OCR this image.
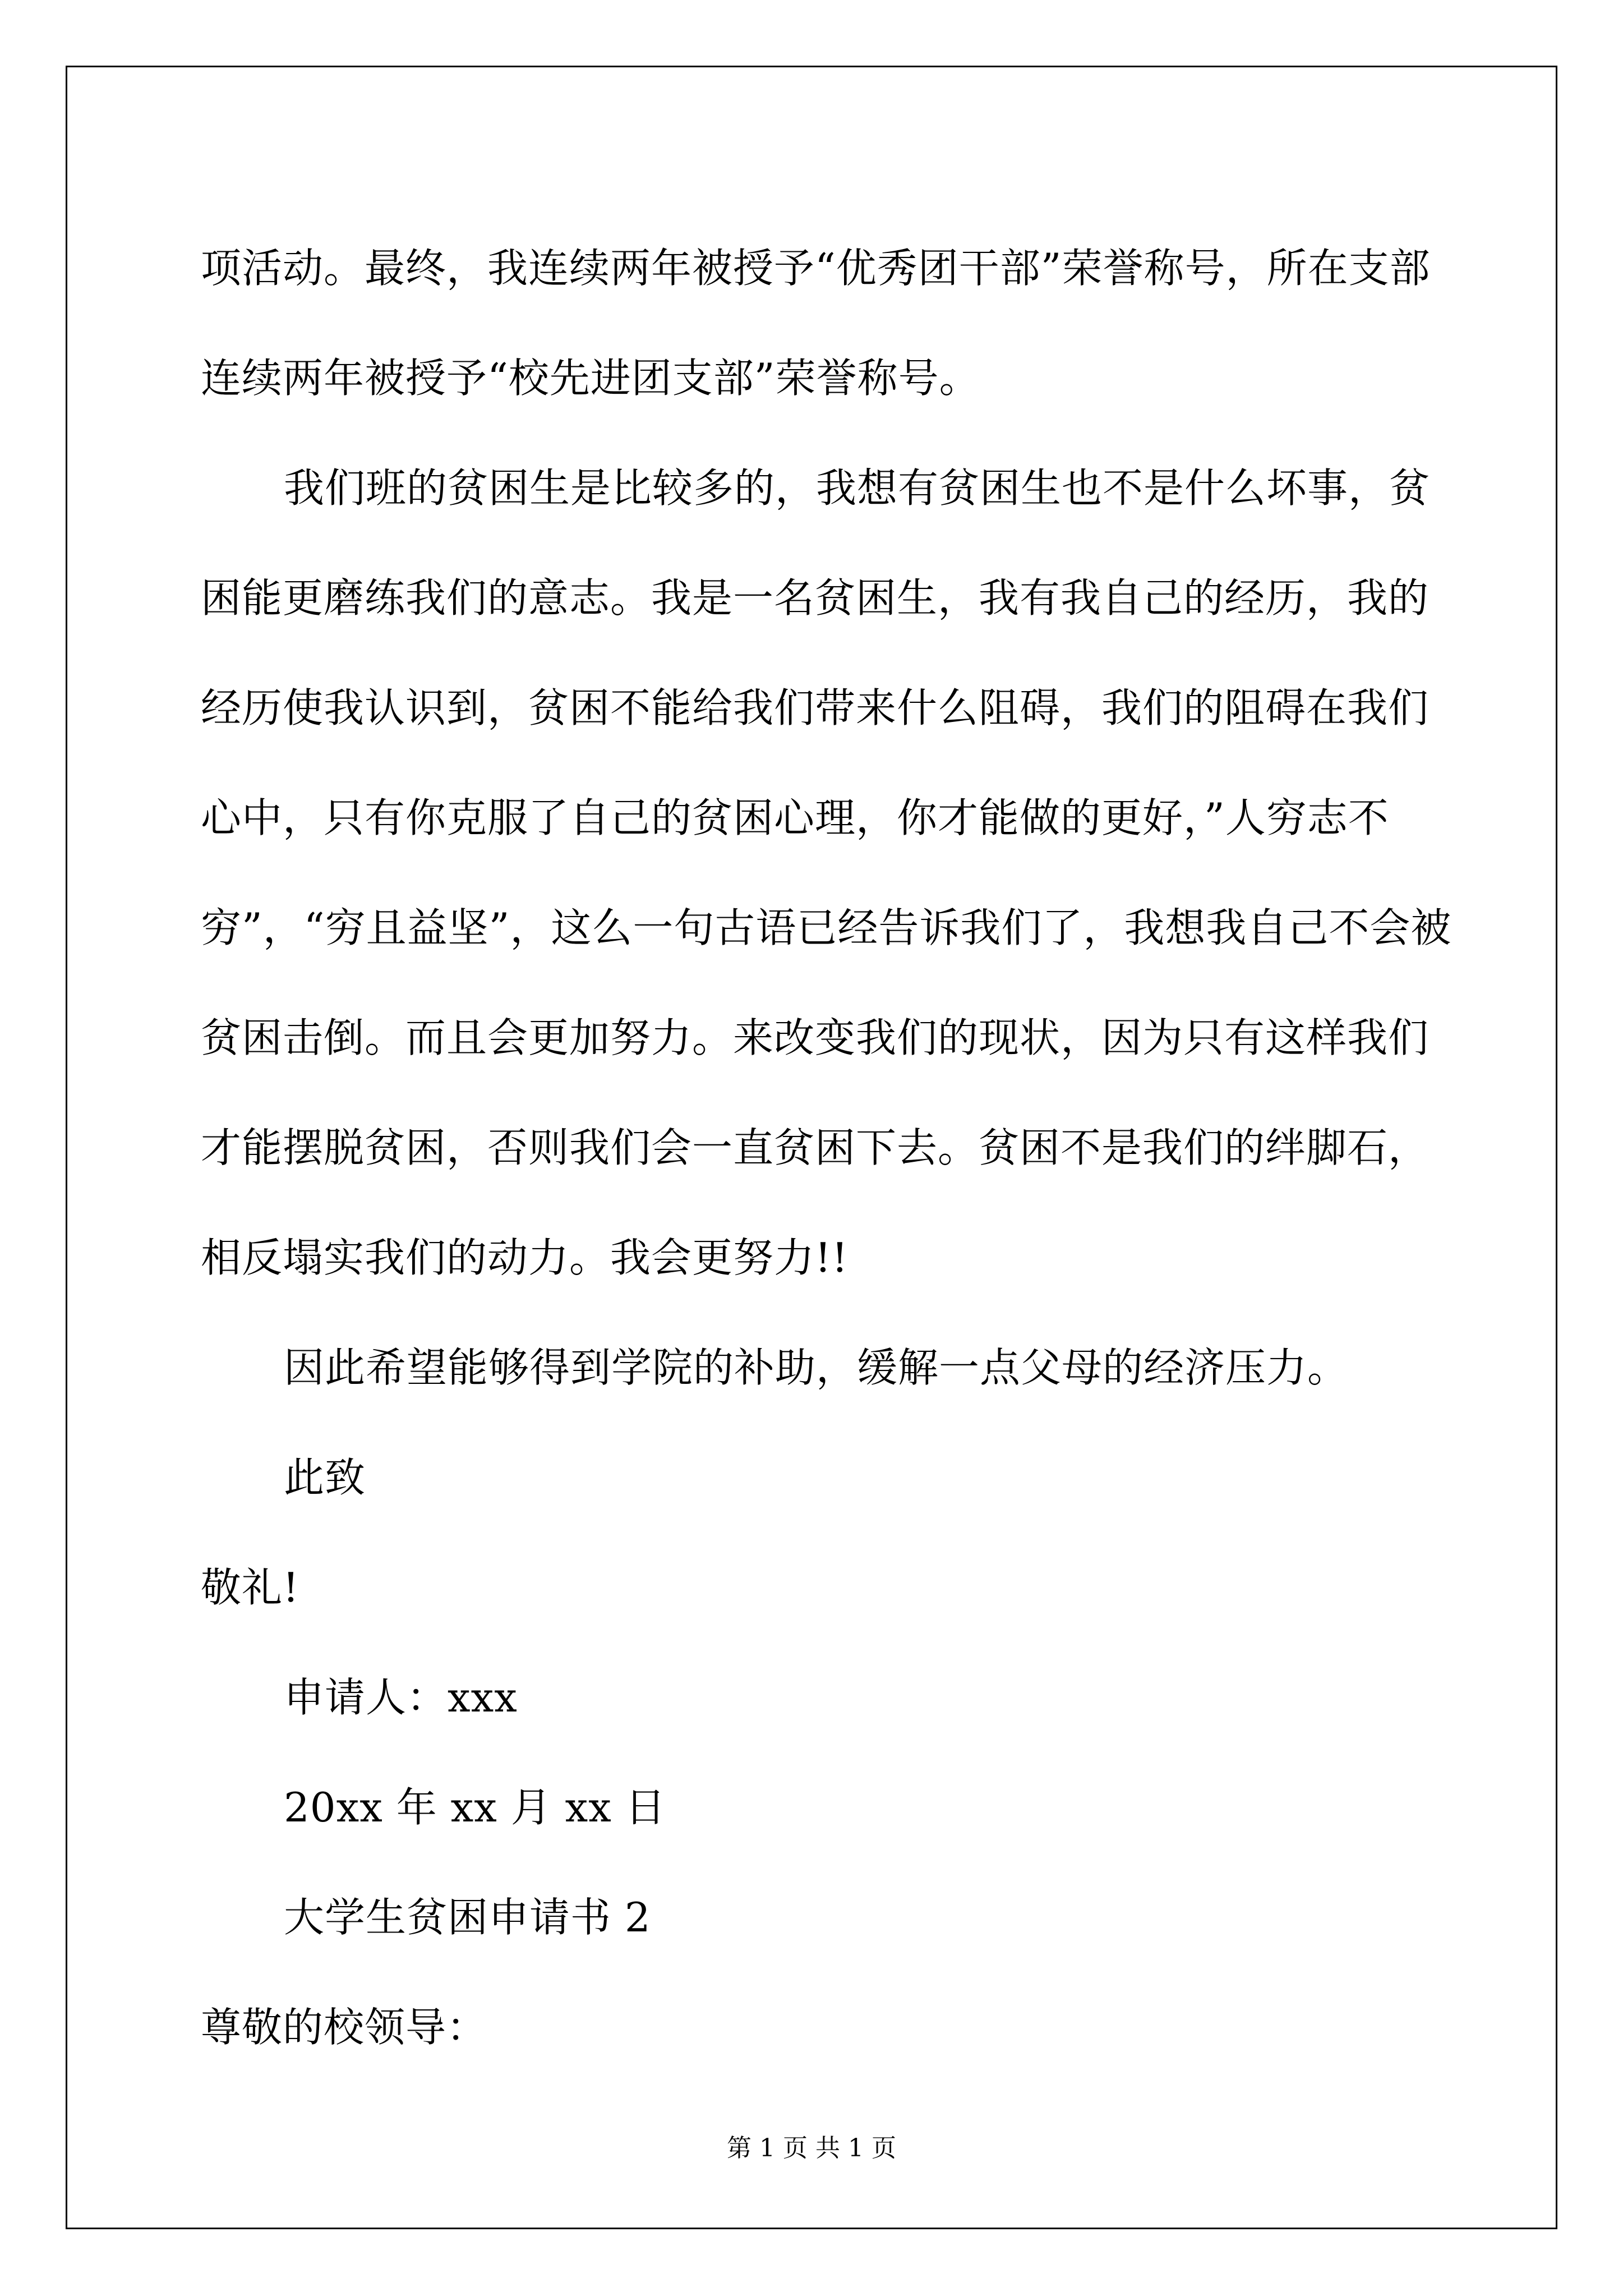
项活动。最终，我连续两年被授予“优秀团干部”荣誉称号，所在支部连续两年被授予“校先进团支部”荣誉称号。

我们班的贫困生是比较多的，我想有贫困生也不是什么坏事，贫困能更磨练我们的意志。我是一名贫困生，我有我自己的经历，我的经历使我认识到，贫困不能给我们带来什么阻碍，我们的阻碍在我们心中，只有你克服了自己的贫困心理，你才能做的更好，”人穷志不穷”，“穷且益坚”，这么一句古语已经告诉我们了，我想我自己不会被贫困击倒。而且会更加努力。来改变我们的现状，因为只有这样我们才能摆脱贫困，否则我们会一直贫困下去。贫困不是我们的绊脚石，相反塌实我们的动力。我会更努力!!

因此希望能够得到学院的补助，缓解一点父母的经济压力。

此致

敬礼!

申请人：xxx

20xx 年 xx 月 xx 日

大学生贫困申请书 2

尊敬的校领导：

第 1 页 共 1 页
